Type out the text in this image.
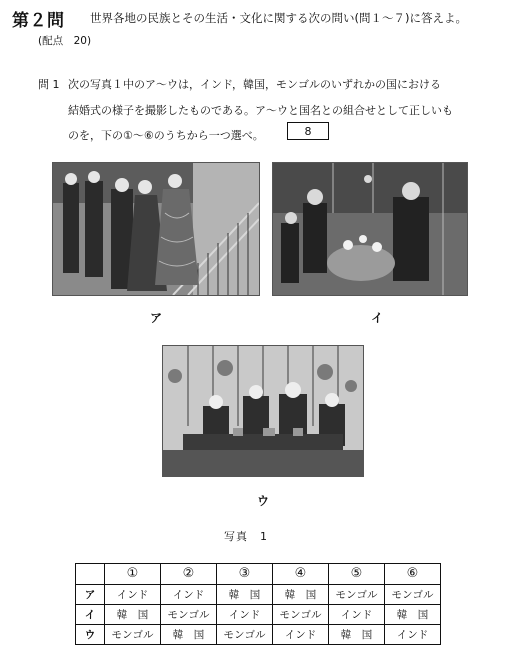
第２問 世界各地の民族とその生活・文化に関する次の問い(問１～７)に答えよ。
(配点　20)
問 1 次の写真１中のア～ウは，インド，韓国，モンゴルのいずれかの国における
結婚式の様子を撮影したものである。ア～ウと国名との組合せとして正しいも
のを，下の①～⑥のうちから一つ選べ。	8
ア	イ
ウ
写真　1
	①	②	③	④	⑤	⑥
ア	インド	インド	韓　国	韓　国	モンゴル	モンゴル
イ	韓　国	モンゴル	インド	モンゴル	インド	韓　国
ウ	モンゴル	韓　国	モンゴル	インド	韓　国	インド
